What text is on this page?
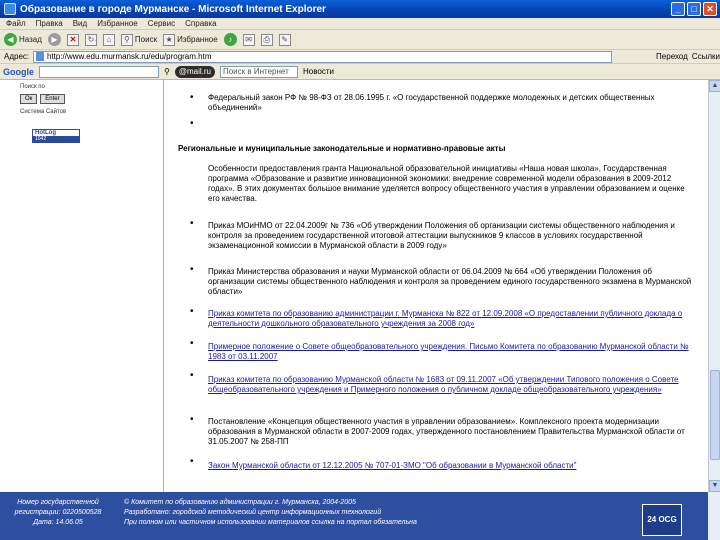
Образование в городе Мурманске - Microsoft Internet Explorer	_	□	✕
Файл Правка Вид Избранное Сервис Справка
◀ Назад	▶	✕	↻	⌂	⚲ Поиск	★ Избранное	♪	✉	⎙	✎
Адрес:
http://www.edu.murmansk.ru/edu/program.htm	Переход Ссылки
Google	⚲	@mail.ru	Поиск в Интернет	Новости
Поиск по
Ок	Enter
Система Сайтов
HotLog
1042
• Федеральный закон РФ № 98-ФЗ от 28.06.1995 г. «О государственной поддержке молодежных и детских общественных объединений»
•
Региональные и муниципальные законодательные и нормативно-правовые акты
Особенности предоставления гранта Национальной образовательной инициативы «Наша новая школа», Государственная программа «Образование и развитие инновационной экономики: внедрение современной модели образования в 2009-2012 годах». В этих документах большое внимание уделяется вопросу общественного участия в управлении образованием и оценке его качества.
• Приказ МОиНМО от 22.04.2009г № 736 «Об утверждении Положения об организации системы общественного наблюдения и контроля за проведением государственной итоговой аттестации выпускников 9 классов в условиях государственной экзаменационной комиссии в Мурманской области в 2009 году»
• Приказ Министерства образования и науки Мурманской области от 06.04.2009 № 664 «Об утверждении Положения об организации системы общественного наблюдения и контроля за проведением единого государственного экзамена в Мурманской области»
• Приказ комитета по образованию администрации г. Мурманска № 822 от 12.09.2008 «О предоставлении публичного доклада о деятельности дошкольного образовательного учреждения за 2008 год»
• Примерное положение о Совете общеобразовательного учреждения. Письмо Комитета по образованию Мурманской области № 1983 от 03.11.2007
• Приказ комитета по образованию Мурманской области № 1683 от 09.11.2007 «Об утверждении Типового положения о Совете общеобразовательного учреждения и Примерного положения о публичном докладе общеобразовательного учреждения»
• Постановление «Концепция общественного участия в управлении образованием». Комплексного проекта модернизации образования в Мурманской области в 2007-2009 годах, утвержденного постановлением Правительства Мурманской области от 31.05.2007 № 258-ПП
• Закон Мурманской области от 12.12.2005 № 707-01-ЗМО "Об образовании в Мурманской области"
▲
▼
Номер государственной
регистрации: 0220500528
Дата: 14.06.05
© Комитет по образованию администрации г. Мурманска, 2004-2005
Разработано: городской методический центр информационных технологий
При полном или частичном использовании материалов ссылка на портал обязательна	24 OCG
